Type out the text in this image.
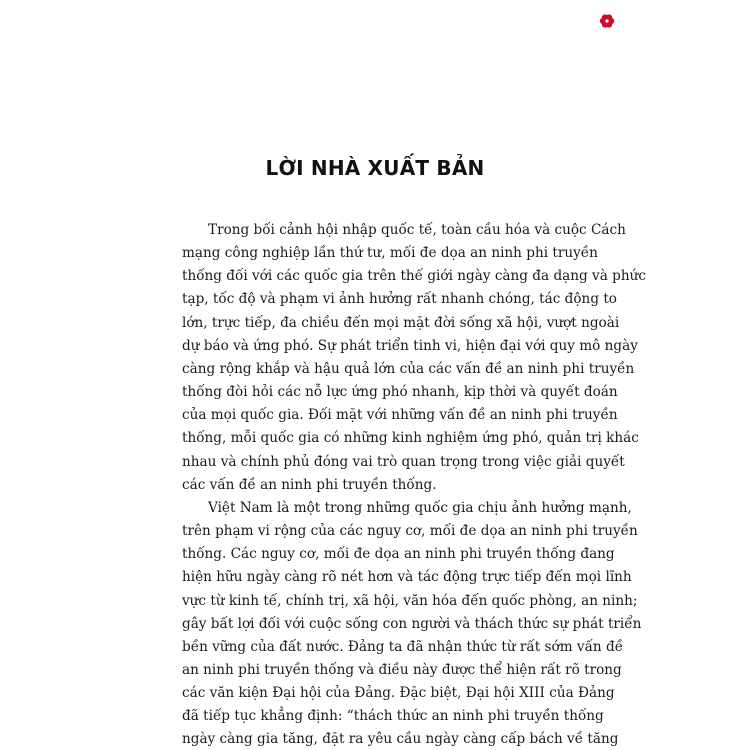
LỜI NHÀ XUẤT BẢN

Trong bối cảnh hội nhập quốc tế, toàn cầu hóa và cuộc Cách
mạng công nghiệp lần thứ tư, mối đe dọa an ninh phi truyền
thống đối với các quốc gia trên thế giới ngày càng đa dạng và phức
tạp, tốc độ và phạm vi ảnh hưởng rất nhanh chóng, tác động to
lớn, trực tiếp, đa chiều đến mọi mặt đời sống xã hội, vượt ngoài
dự báo và ứng phó. Sự phát triển tinh vi, hiện đại với quy mô ngày
càng rộng khắp và hậu quả lớn của các vấn đề an ninh phi truyền
thống đòi hỏi các nỗ lực ứng phó nhanh, kịp thời và quyết đoán
của mọi quốc gia. Đối mặt với những vấn đề an ninh phi truyền
thống, mỗi quốc gia có những kinh nghiệm ứng phó, quản trị khác
nhau và chính phủ đóng vai trò quan trọng trong việc giải quyết
các vấn đề an ninh phi truyền thống.

Việt Nam là một trong những quốc gia chịu ảnh hưởng mạnh,
trên phạm vi rộng của các nguy cơ, mối đe dọa an ninh phi truyền
thống. Các nguy cơ, mối đe dọa an ninh phi truyền thống đang
hiện hữu ngày càng rõ nét hơn và tác động trực tiếp đến mọi lĩnh
vực từ kinh tế, chính trị, xã hội, văn hóa đến quốc phòng, an ninh;
gây bất lợi đối với cuộc sống con người và thách thức sự phát triển
bền vững của đất nước. Đảng ta đã nhận thức từ rất sớm vấn đề
an ninh phi truyền thống và điều này được thể hiện rất rõ trong
các văn kiện Đại hội của Đảng. Đặc biệt, Đại hội XIII của Đảng
đã tiếp tục khẳng định: “thách thức an ninh phi truyền thống
ngày càng gia tăng, đặt ra yêu cầu ngày càng cấp bách về tăng
